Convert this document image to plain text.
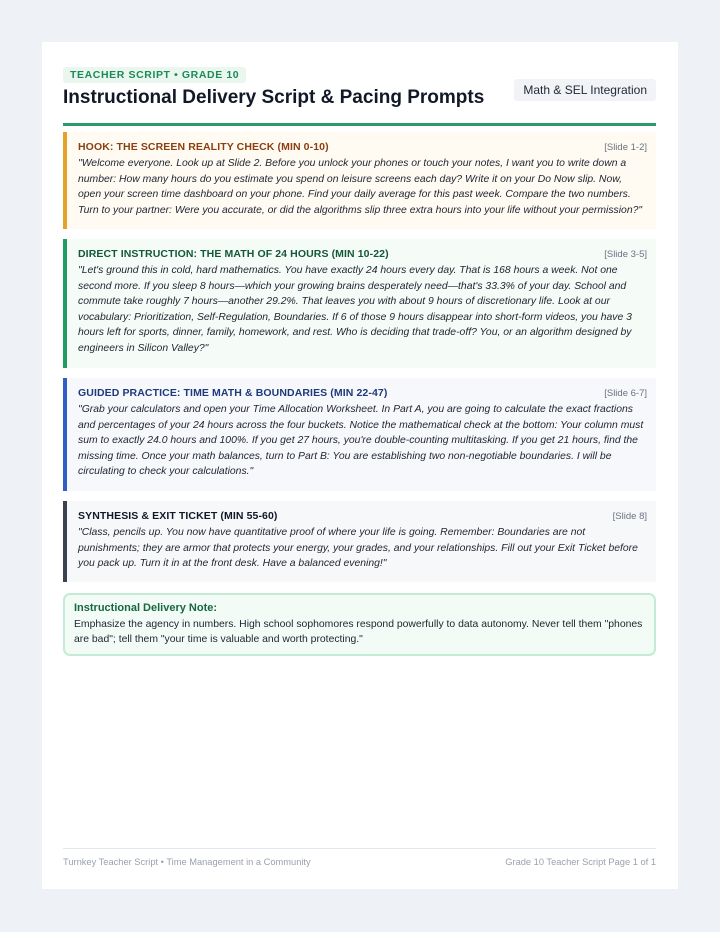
TEACHER SCRIPT • GRADE 10
Instructional Delivery Script & Pacing Prompts	Math & SEL Integration
HOOK: THE SCREEN REALITY CHECK (MIN 0-10)	[Slide 1-2]
"Welcome everyone. Look up at Slide 2. Before you unlock your phones or touch your notes, I want you to write down a number: How many hours do you estimate you spend on leisure screens each day? Write it on your Do Now slip. Now, open your screen time dashboard on your phone. Find your daily average for this past week. Compare the two numbers. Turn to your partner: Were you accurate, or did the algorithms slip three extra hours into your life without your permission?"
DIRECT INSTRUCTION: THE MATH OF 24 HOURS (MIN 10-22)	[Slide 3-5]
"Let's ground this in cold, hard mathematics. You have exactly 24 hours every day. That is 168 hours a week. Not one second more. If you sleep 8 hours—which your growing brains desperately need—that's 33.3% of your day. School and commute take roughly 7 hours—another 29.2%. That leaves you with about 9 hours of discretionary life. Look at our vocabulary: Prioritization, Self-Regulation, Boundaries. If 6 of those 9 hours disappear into short-form videos, you have 3 hours left for sports, dinner, family, homework, and rest. Who is deciding that trade-off? You, or an algorithm designed by engineers in Silicon Valley?"
GUIDED PRACTICE: TIME MATH & BOUNDARIES (MIN 22-47)	[Slide 6-7]
"Grab your calculators and open your Time Allocation Worksheet. In Part A, you are going to calculate the exact fractions and percentages of your 24 hours across the four buckets. Notice the mathematical check at the bottom: Your column must sum to exactly 24.0 hours and 100%. If you get 27 hours, you're double-counting multitasking. If you get 21 hours, find the missing time. Once your math balances, turn to Part B: You are establishing two non-negotiable boundaries. I will be circulating to check your calculations."
SYNTHESIS & EXIT TICKET (MIN 55-60)	[Slide 8]
"Class, pencils up. You now have quantitative proof of where your life is going. Remember: Boundaries are not punishments; they are armor that protects your energy, your grades, and your relationships. Fill out your Exit Ticket before you pack up. Turn it in at the front desk. Have a balanced evening!"
Instructional Delivery Note:
Emphasize the agency in numbers. High school sophomores respond powerfully to data autonomy. Never tell them "phones are bad"; tell them "your time is valuable and worth protecting."
Turnkey Teacher Script • Time Management in a Community	Grade 10 Teacher Script Page 1 of 1
